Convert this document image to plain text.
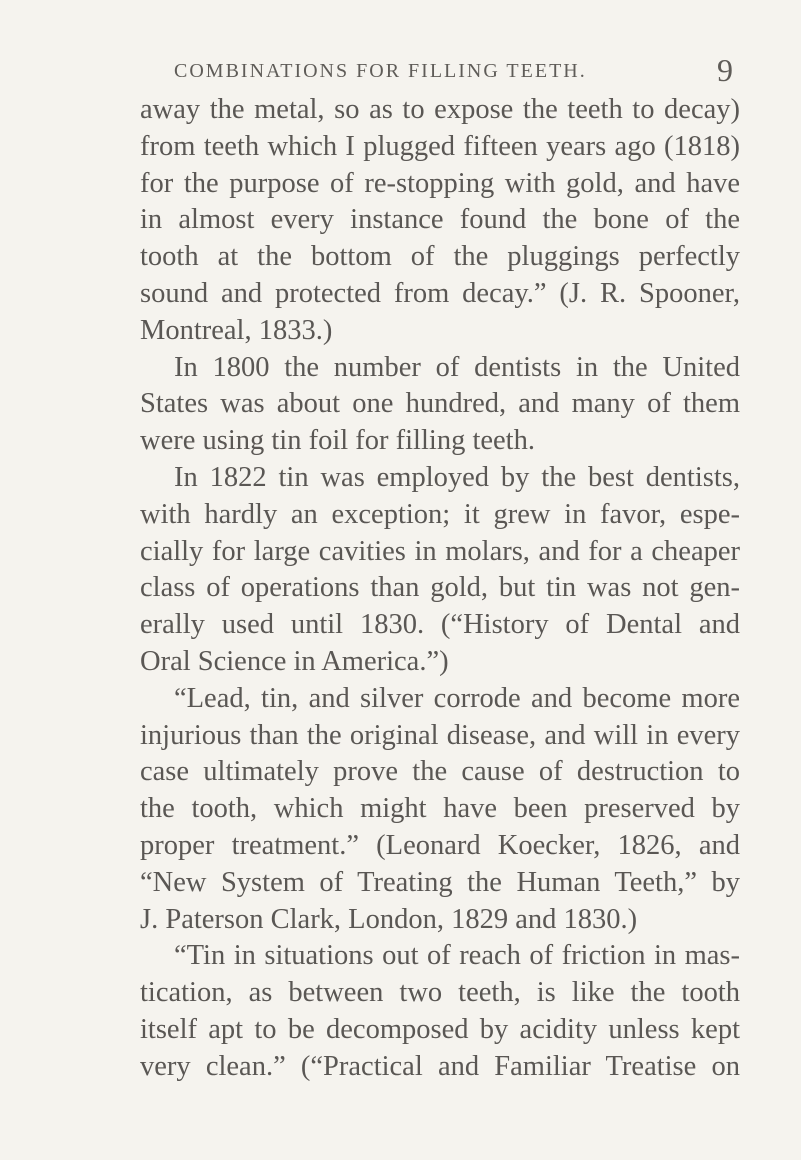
COMBINATIONS FOR FILLING TEETH.	9
away the metal, so as to expose the teeth to decay)
from teeth which I plugged fifteen years ago (1818)
for the purpose of re-stopping with gold, and have
in almost every instance found the bone of the
tooth at the bottom of the pluggings perfectly
sound and protected from decay.” (J. R. Spooner,
Montreal, 1833.)
In 1800 the number of dentists in the United
States was about one hundred, and many of them
were using tin foil for filling teeth.
In 1822 tin was employed by the best dentists,
with hardly an exception; it grew in favor, espe-
cially for large cavities in molars, and for a cheaper
class of operations than gold, but tin was not gen-
erally used until 1830. (“History of Dental and
Oral Science in America.”)
“Lead, tin, and silver corrode and become more
injurious than the original disease, and will in every
case ultimately prove the cause of destruction to
the tooth, which might have been preserved by
proper treatment.” (Leonard Koecker, 1826, and
“New System of Treating the Human Teeth,” by
J. Paterson Clark, London, 1829 and 1830.)
“Tin in situations out of reach of friction in mas-
tication, as between two teeth, is like the tooth
itself apt to be decomposed by acidity unless kept
very clean.” (“Practical and Familiar Treatise on
